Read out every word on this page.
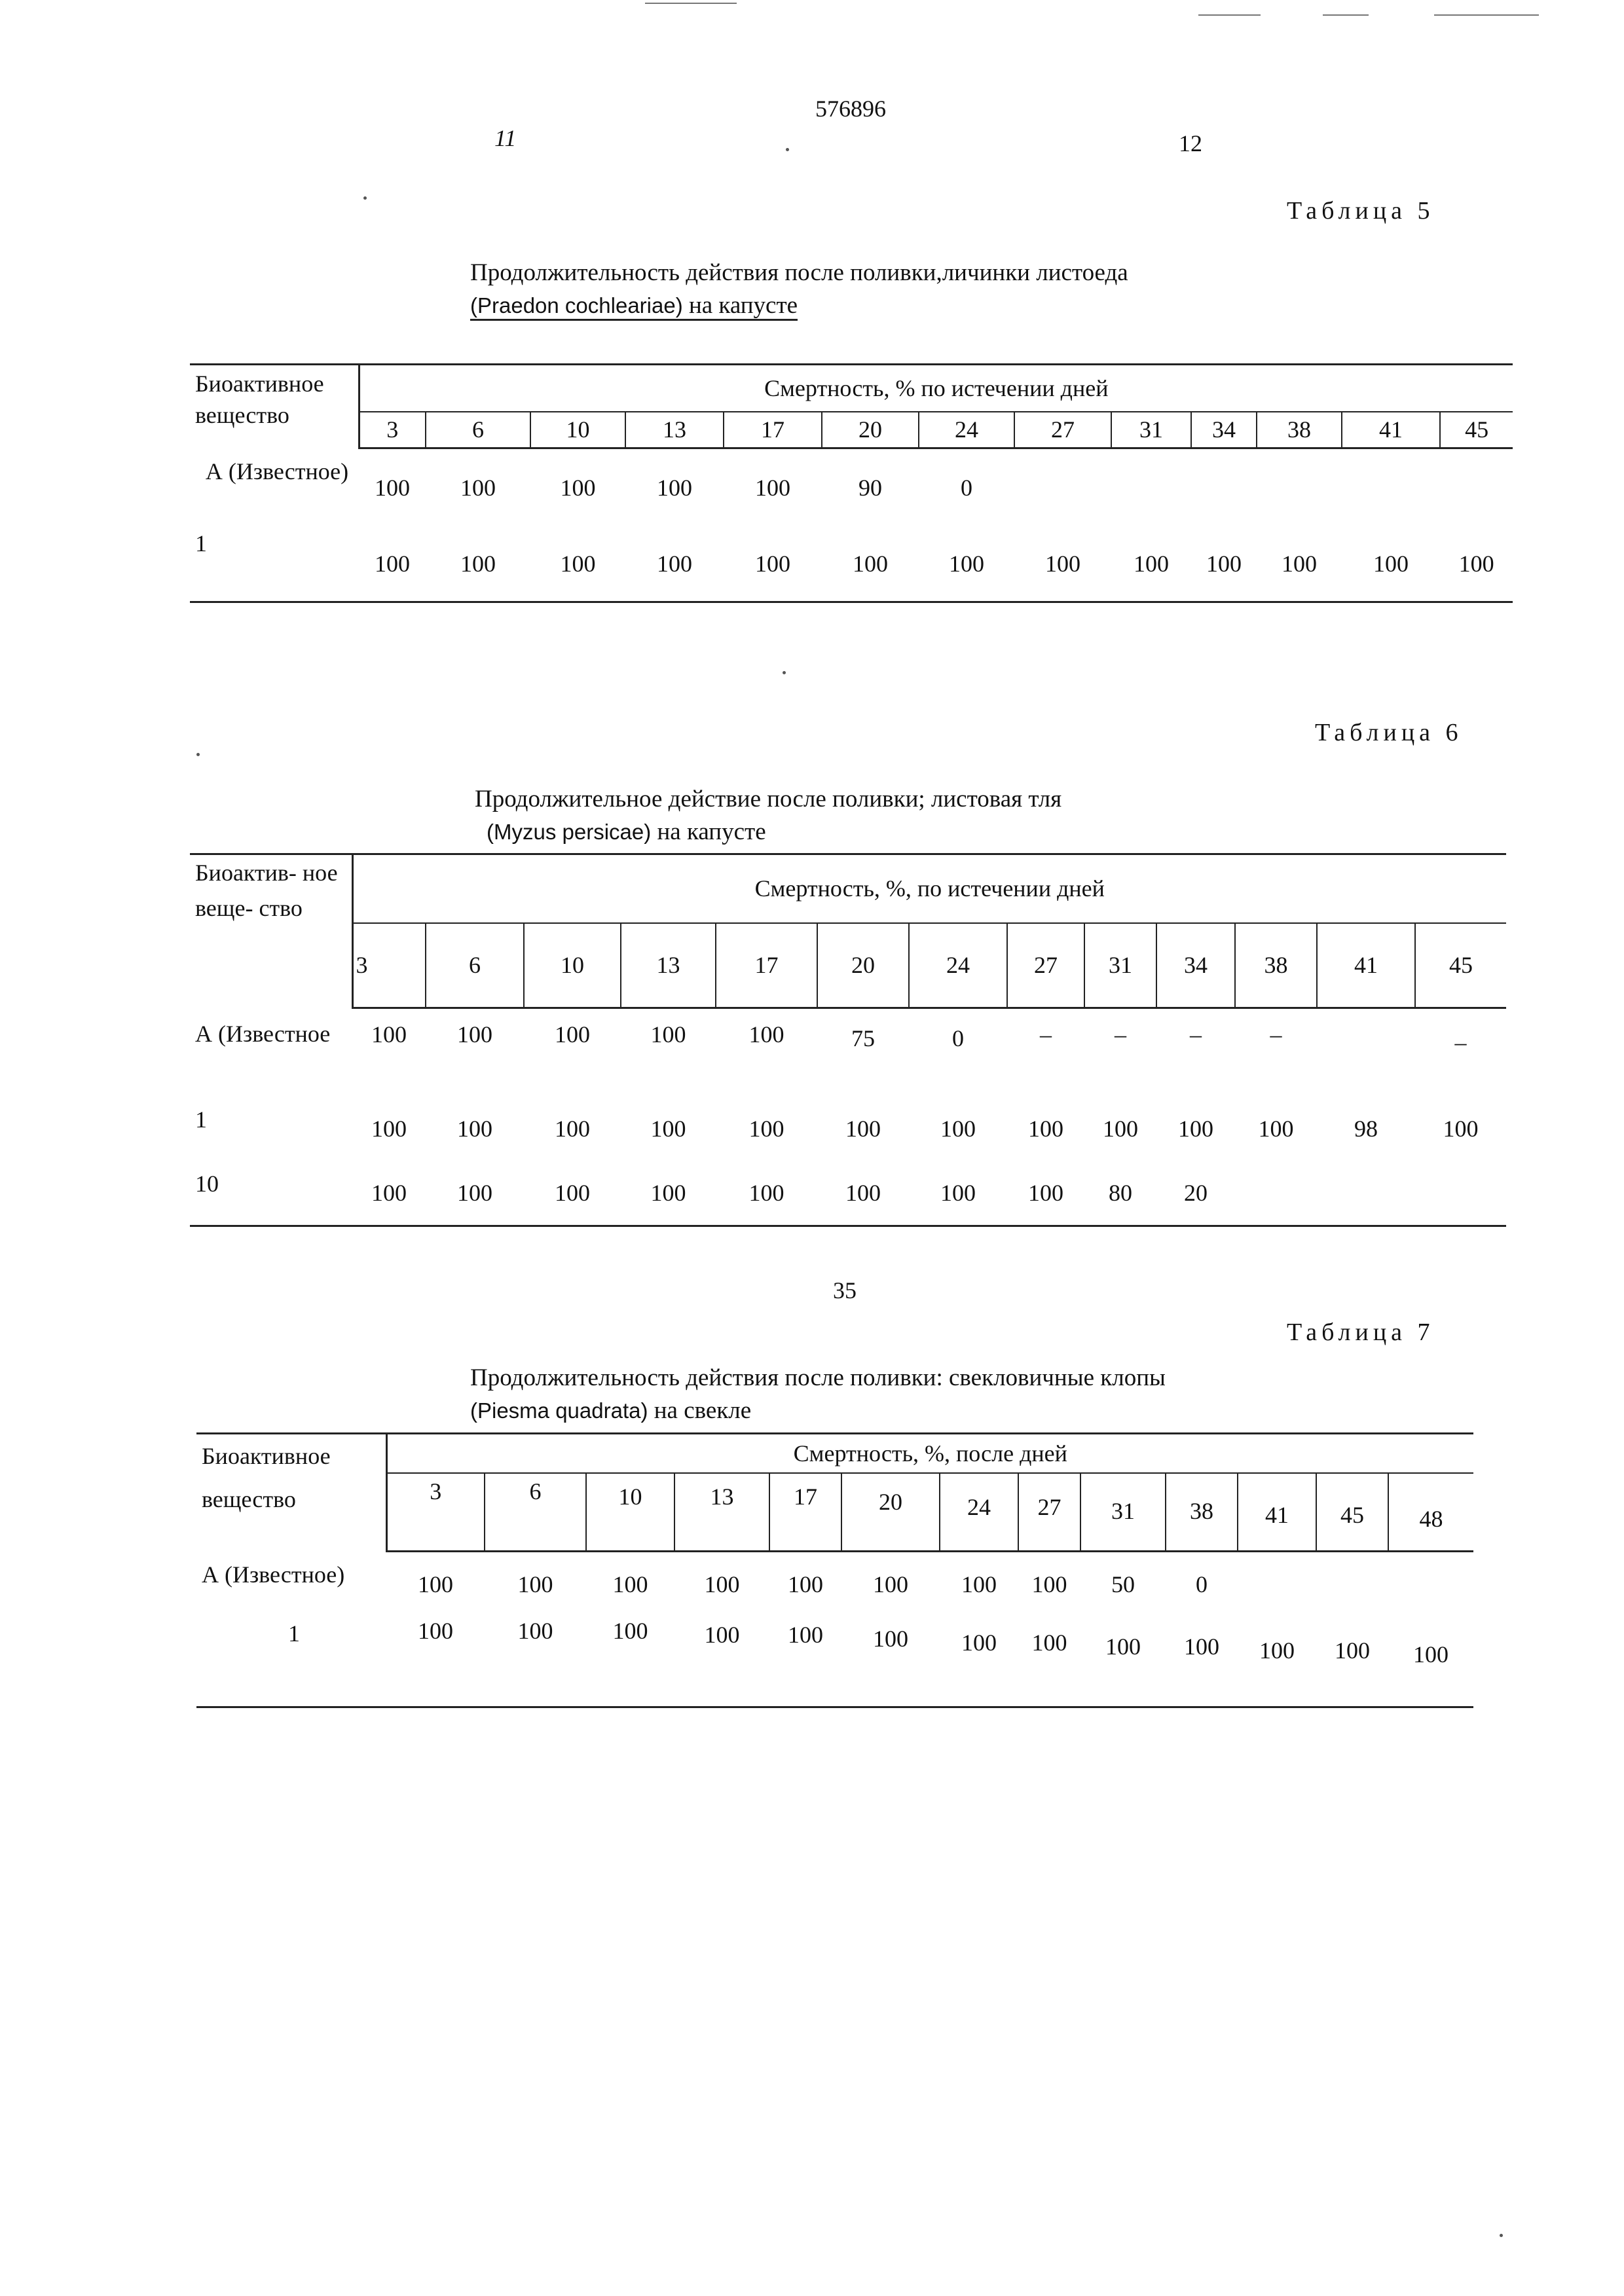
576896
11	12
Таблица 5
Продолжительность действия после поливки,личинки листоеда
(Praedon cochleariae) на капусте
Биоактивное вещество	Смертность, % по истечении дней												
	3	6	10	13	17	20	24	27	31	34	38	41	45
А (Известное)	100	100	100	100	100	90	0						
1	100	100	100	100	100	100	100	100	100	100	100	100	100
Таблица 6
Продолжительное действие после поливки; листовая тля
(Myzus persicae) на капусте
Биоактив- ное веще- ство	Смертность, %, по истечении дней												
	3	6	10	13	17	20	24	27	31	34	38	41	45
А (Известное	100	100	100	100	100	75	0	–	–	–	–		–
1	100	100	100	100	100	100	100	100	100	100	100	98	100
10	100	100	100	100	100	100	100	100	80	20			
35
Таблица 7
Продолжительность действия после поливки: свекловичные клопы
(Piesma quadrata) на свекле
Биоактивное вещество	Смертность, %, после дней												
	3	6	10	13	17	20	24	27	31	38	41	45	48
А (Известное)	100	100	100	100	100	100	100	100	50	0			
1	100	100	100	100	100	100	100	100	100	100	100	100	100
